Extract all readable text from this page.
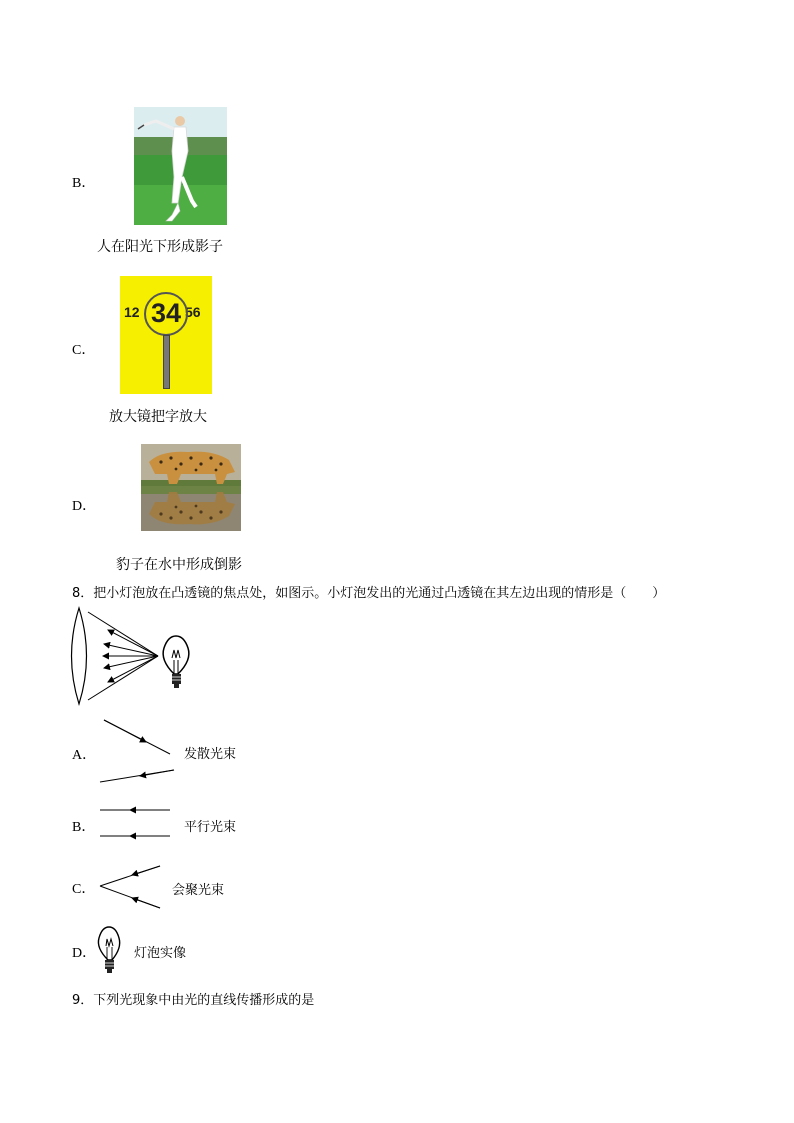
B．
人在阳光下形成影子
C．
12	56
34
放大镜把字放大
D．
豹子在水中形成倒影
8．把小灯泡放在凸透镜的焦点处，如图示。小灯泡发出的光通过凸透镜在其左边出现的情形是（　　）
A．	发散光束
B．	平行光束
C．	会聚光束
D．	灯泡实像
9．下列光现象中由光的直线传播形成的是
